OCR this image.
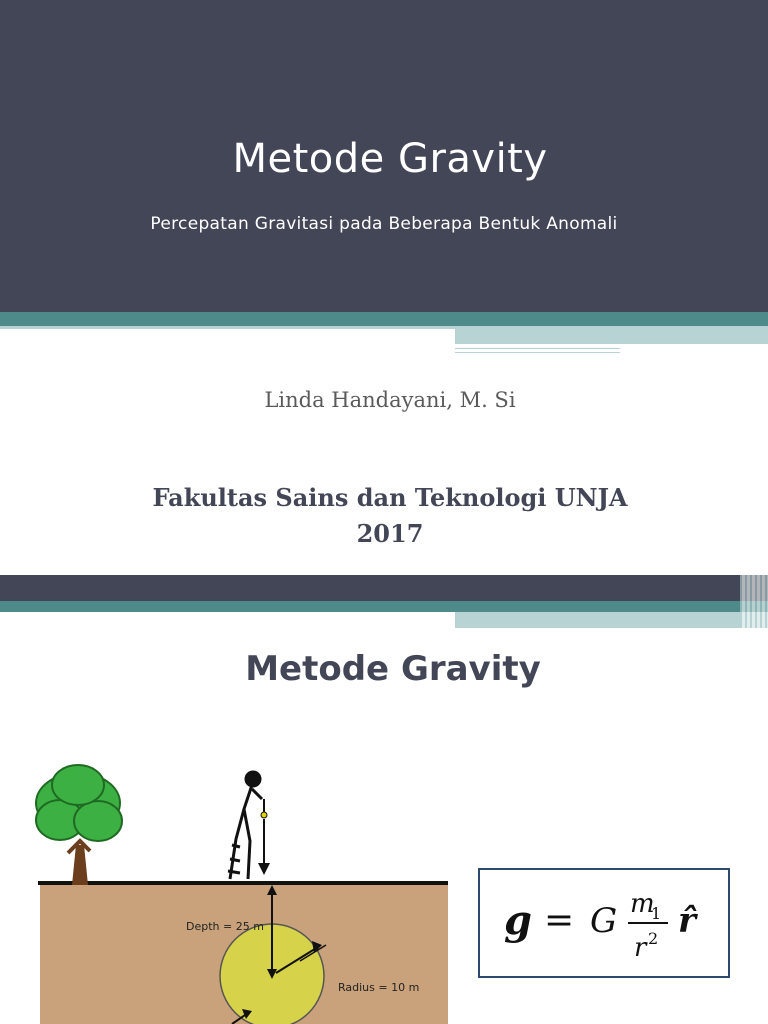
Metode Gravity
Percepatan Gravitasi pada Beberapa Bentuk Anomali
Linda Handayani, M. Si
Fakultas Sains dan Teknologi UNJA
2017
Metode Gravity
Depth = 25 m
Radius = 10 m
g = G m
1
r 2 r̂
